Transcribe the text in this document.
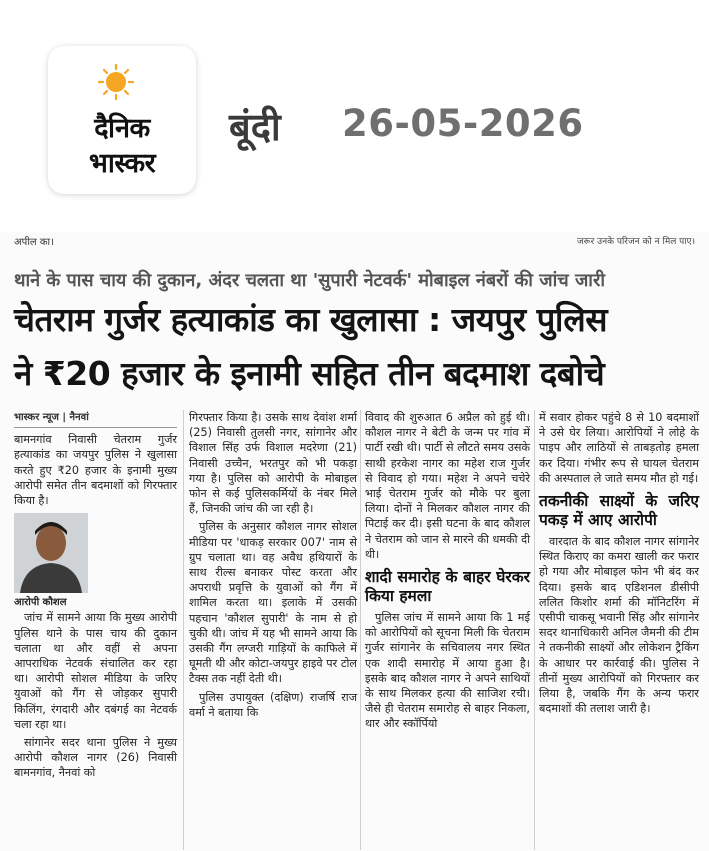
दैनिक
भास्कर
बूंदी 26-05-2026
अपील का।	जरूर उनके परिजन को न मिल पाए।
थाने के पास चाय की दुकान, अंदर चलता था 'सुपारी नेटवर्क' मोबाइल नंबरों की जांच जारी
चेतराम गुर्जर हत्याकांड का खुलासा : जयपुर पुलिस
ने ₹20 हजार के इनामी सहित तीन बदमाश दबोचे
भास्कर न्यूज | नैनवां

बामनगांव निवासी चेतराम गुर्जर हत्याकांड का जयपुर पुलिस ने खुलासा करते हुए ₹20 हजार के इनामी मुख्य आरोपी समेत तीन बदमाशों को गिरफ्तार किया है।

आरोपी कौशल

जांच में सामने आया कि मुख्य आरोपी पुलिस थाने के पास चाय की दुकान चलाता था और वहीं से अपना आपराधिक नेटवर्क संचालित कर रहा था। आरोपी सोशल मीडिया के जरिए युवाओं को गैंग से जोड़कर सुपारी किलिंग, रंगदारी और दबंगई का नेटवर्क चला रहा था।

सांगानेर सदर थाना पुलिस ने मुख्य आरोपी कौशल नागर (26) निवासी बामनगांव, नैनवां को

गिरफ्तार किया है। उसके साथ देवांश शर्मा (25) निवासी तुलसी नगर, सांगानेर और विशाल सिंह उर्फ विशाल मदरेणा (21) निवासी उच्चैन, भरतपुर को भी पकड़ा गया है। पुलिस को आरोपी के मोबाइल फोन से कई पुलिसकर्मियों के नंबर मिले हैं, जिनकी जांच की जा रही है।

पुलिस के अनुसार कौशल नागर सोशल मीडिया पर 'धाकड़ सरकार 007' नाम से ग्रुप चलाता था। वह अवैध हथियारों के साथ रील्स बनाकर पोस्ट करता और अपराधी प्रवृत्ति के युवाओं को गैंग में शामिल करता था। इलाके में उसकी पहचान 'कौशल सुपारी' के नाम से हो चुकी थी। जांच में यह भी सामने आया कि उसकी गैंग लग्जरी गाड़ियों के काफिले में घूमती थी और कोटा-जयपुर हाइवे पर टोल टैक्स तक नहीं देती थी।

पुलिस उपायुक्त (दक्षिण) राजर्षि राज वर्मा ने बताया कि

विवाद की शुरुआत 6 अप्रैल को हुई थी। कौशल नागर ने बेटी के जन्म पर गांव में पार्टी रखी थी। पार्टी से लौटते समय उसके साथी हरकेश नागर का महेश राज गुर्जर से विवाद हो गया। महेश ने अपने चचेरे भाई चेतराम गुर्जर को मौके पर बुला लिया। दोनों ने मिलकर कौशल नागर की पिटाई कर दी। इसी घटना के बाद कौशल ने चेतराम को जान से मारने की धमकी दी थी।

शादी समारोह के बाहर घेरकर किया हमला

पुलिस जांच में सामने आया कि 1 मई को आरोपियों को सूचना मिली कि चेतराम गुर्जर सांगानेर के सचिवालय नगर स्थित एक शादी समारोह में आया हुआ है। इसके बाद कौशल नागर ने अपने साथियों के साथ मिलकर हत्या की साजिश रची। जैसे ही चेतराम समारोह से बाहर निकला, थार और स्कॉर्पियो

में सवार होकर पहुंचे 8 से 10 बदमाशों ने उसे घेर लिया। आरोपियों ने लोहे के पाइप और लाठियों से ताबड़तोड़ हमला कर दिया। गंभीर रूप से घायल चेतराम की अस्पताल ले जाते समय मौत हो गई।

तकनीकी साक्ष्यों के जरिए पकड़ में आए आरोपी

वारदात के बाद कौशल नागर सांगानेर स्थित किराए का कमरा खाली कर फरार हो गया और मोबाइल फोन भी बंद कर दिया। इसके बाद एडिशनल डीसीपी ललित किशोर शर्मा की मॉनिटरिंग में एसीपी चाकसू भवानी सिंह और सांगानेर सदर थानाधिकारी अनिल जैमनी की टीम ने तकनीकी साक्ष्यों और लोकेशन ट्रैकिंग के आधार पर कार्रवाई की। पुलिस ने तीनों मुख्य आरोपियों को गिरफ्तार कर लिया है, जबकि गैंग के अन्य फरार बदमाशों की तलाश जारी है।
